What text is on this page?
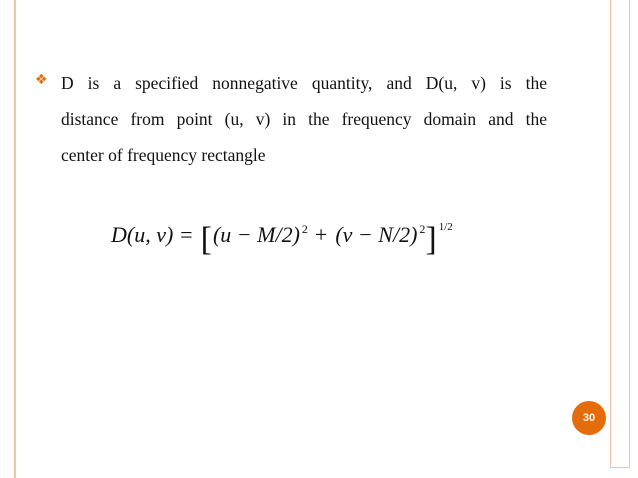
❖ D is a specified nonnegative quantity, and D(u, v) is the
distance from point (u, v) in the frequency domain and the
center of frequency rectangle
D(u, v) = [ (u − M/2) 2 + (v − N/2) 2 ] 1/2
30
